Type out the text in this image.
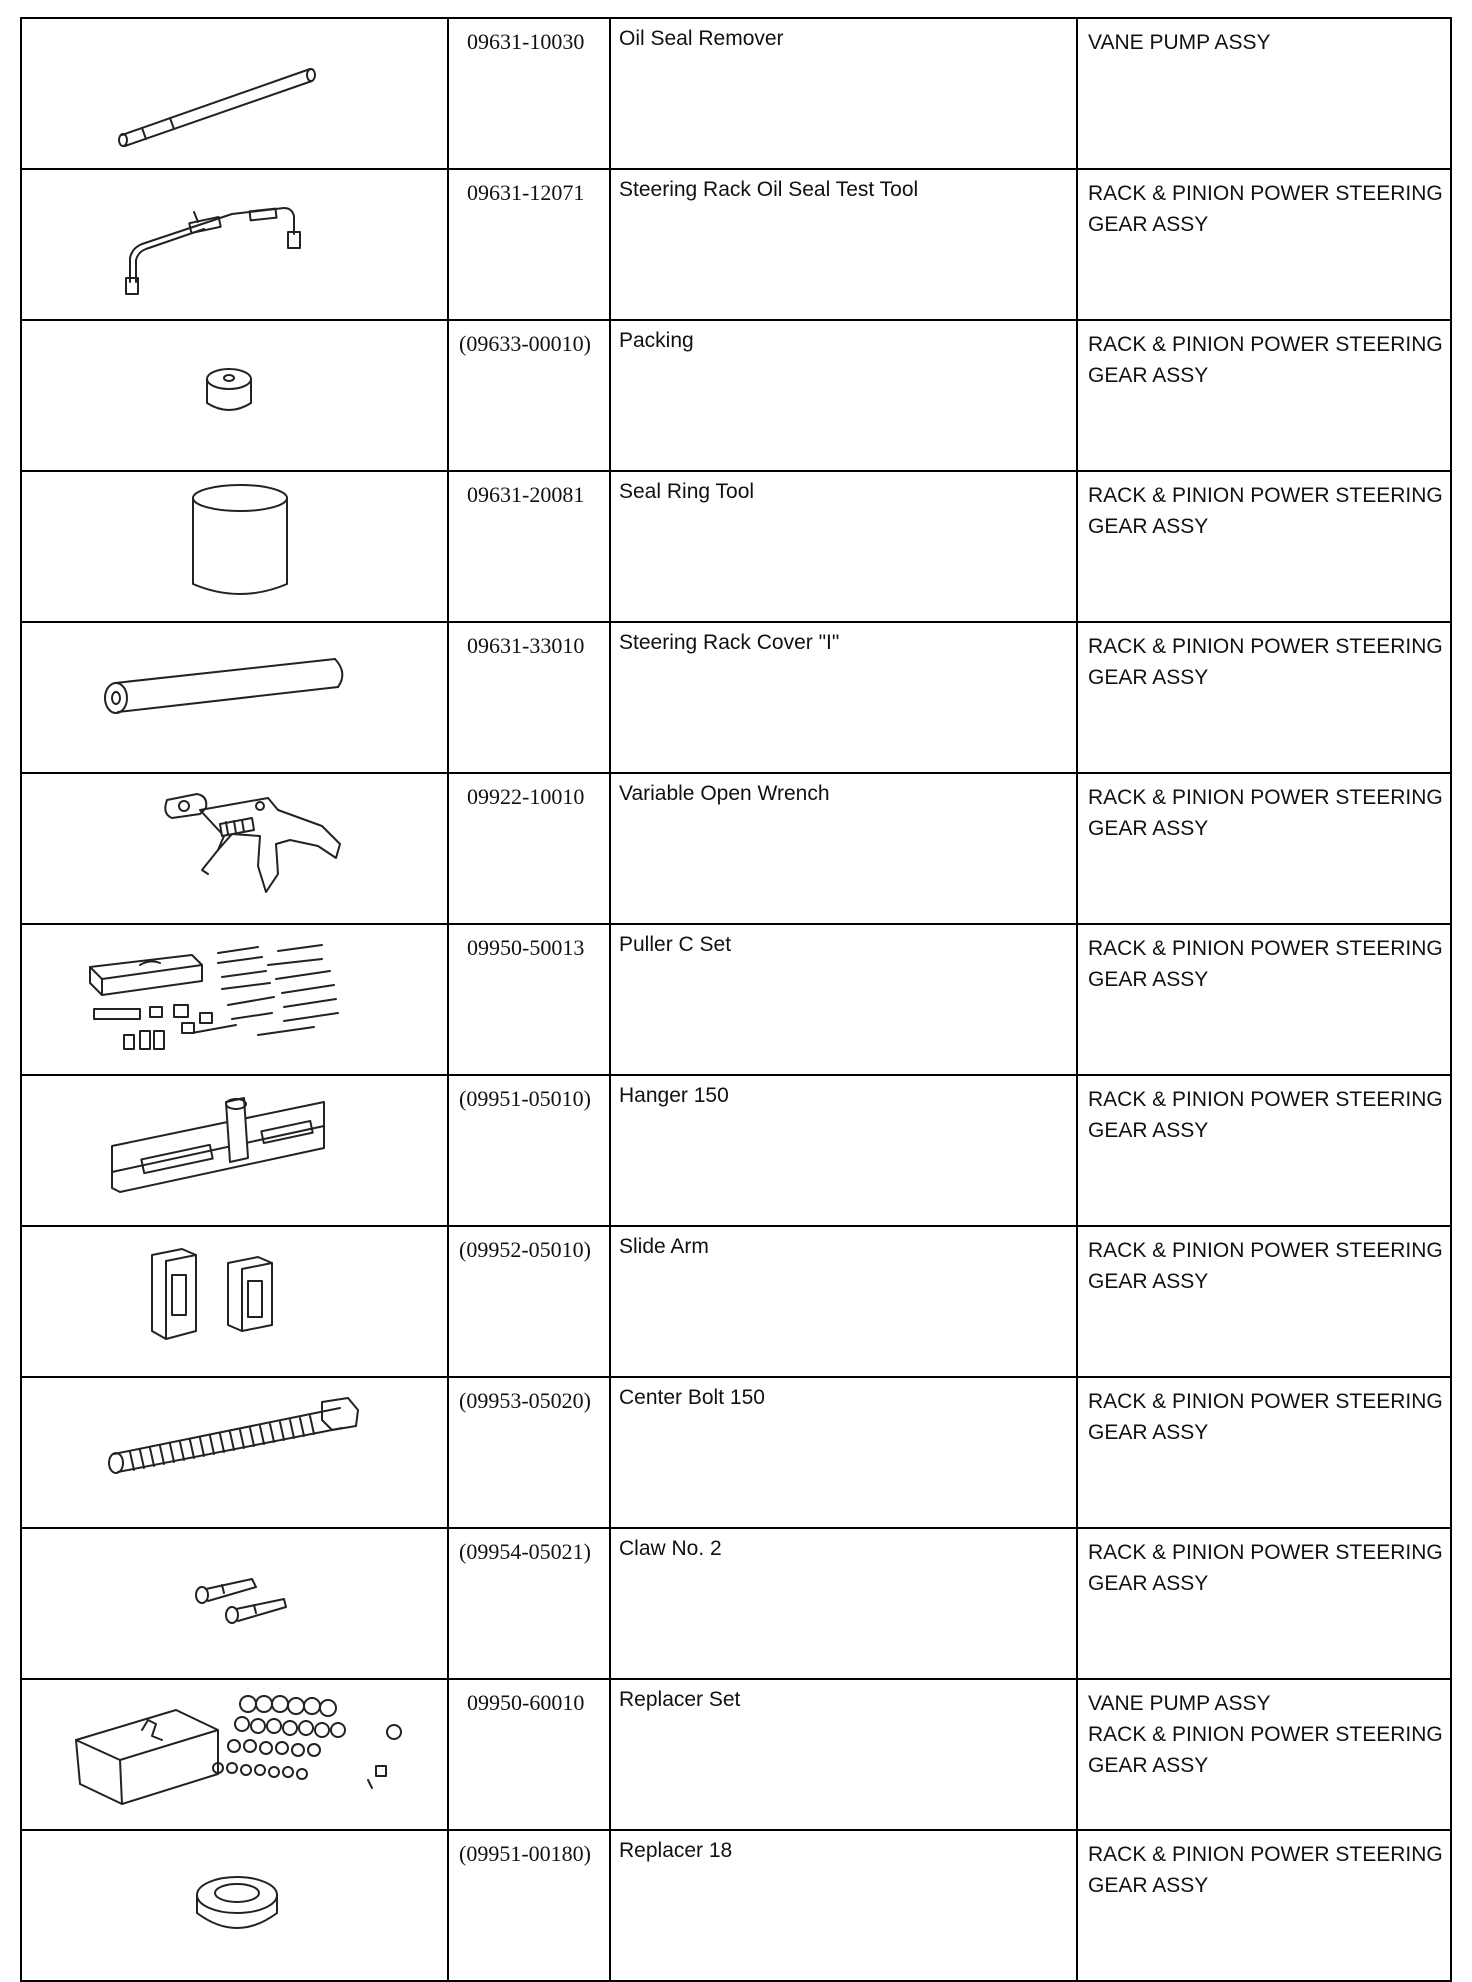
09631-10030	Oil Seal Remover	VANE PUMP ASSY

09631-12071	Steering Rack Oil Seal Test Tool	RACK & PINION POWER STEERING
GEAR ASSY

(09633-00010)	Packing	RACK & PINION POWER STEERING
GEAR ASSY

09631-20081	Seal Ring Tool	RACK & PINION POWER STEERING
GEAR ASSY

09631-33010	Steering Rack Cover "I"	RACK & PINION POWER STEERING
GEAR ASSY

09922-10010	Variable Open Wrench	RACK & PINION POWER STEERING
GEAR ASSY

09950-50013	Puller C Set	RACK & PINION POWER STEERING
GEAR ASSY

(09951-05010)	Hanger 150	RACK & PINION POWER STEERING
GEAR ASSY

(09952-05010)	Slide Arm	RACK & PINION POWER STEERING
GEAR ASSY

(09953-05020)	Center Bolt 150	RACK & PINION POWER STEERING
GEAR ASSY

(09954-05021)	Claw No. 2	RACK & PINION POWER STEERING
GEAR ASSY

09950-60010	Replacer Set	VANE PUMP ASSY
RACK & PINION POWER STEERING
GEAR ASSY

(09951-00180)	Replacer 18	RACK & PINION POWER STEERING
GEAR ASSY
